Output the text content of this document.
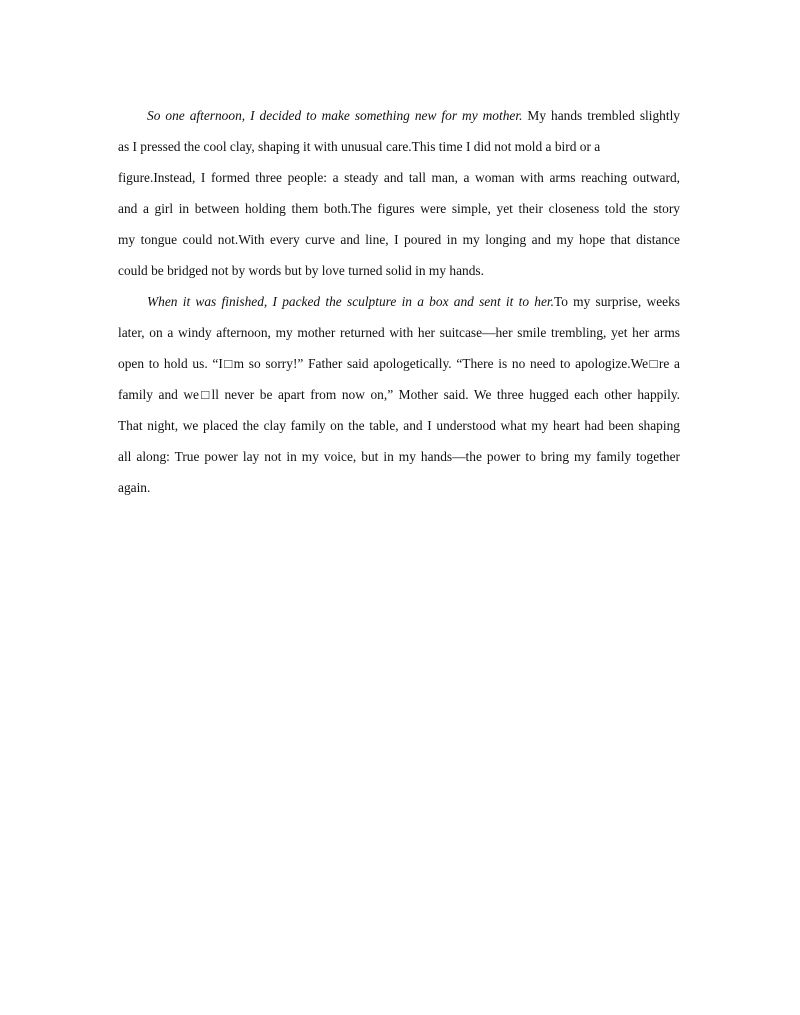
So one afternoon, I decided to make something new for my mother. My hands trembled slightly
as I pressed the cool clay, shaping it with unusual care.This time I did not mold a bird or a
figure.Instead, I formed three people: a steady and tall man, a woman with arms reaching outward,
and a girl in between holding them both.The figures were simple, yet their closeness told the story
my tongue could not.With every curve and line, I poured in my longing and my hope that distance
could be bridged not by words but by love turned solid in my hands.
When it was finished, I packed the sculpture in a box and sent it to her.To my surprise, weeks
later, on a windy afternoon, my mother returned with her suitcase—her smile trembling, yet her arms
open to hold us. “I□m so sorry!” Father said apologetically. “There is no need to apologize.We□re a
family and we□ll never be apart from now on,” Mother said. We three hugged each other happily.
That night, we placed the clay family on the table, and I understood what my heart had been shaping
all along: True power lay not in my voice, but in my hands—the power to bring my family together
again.
